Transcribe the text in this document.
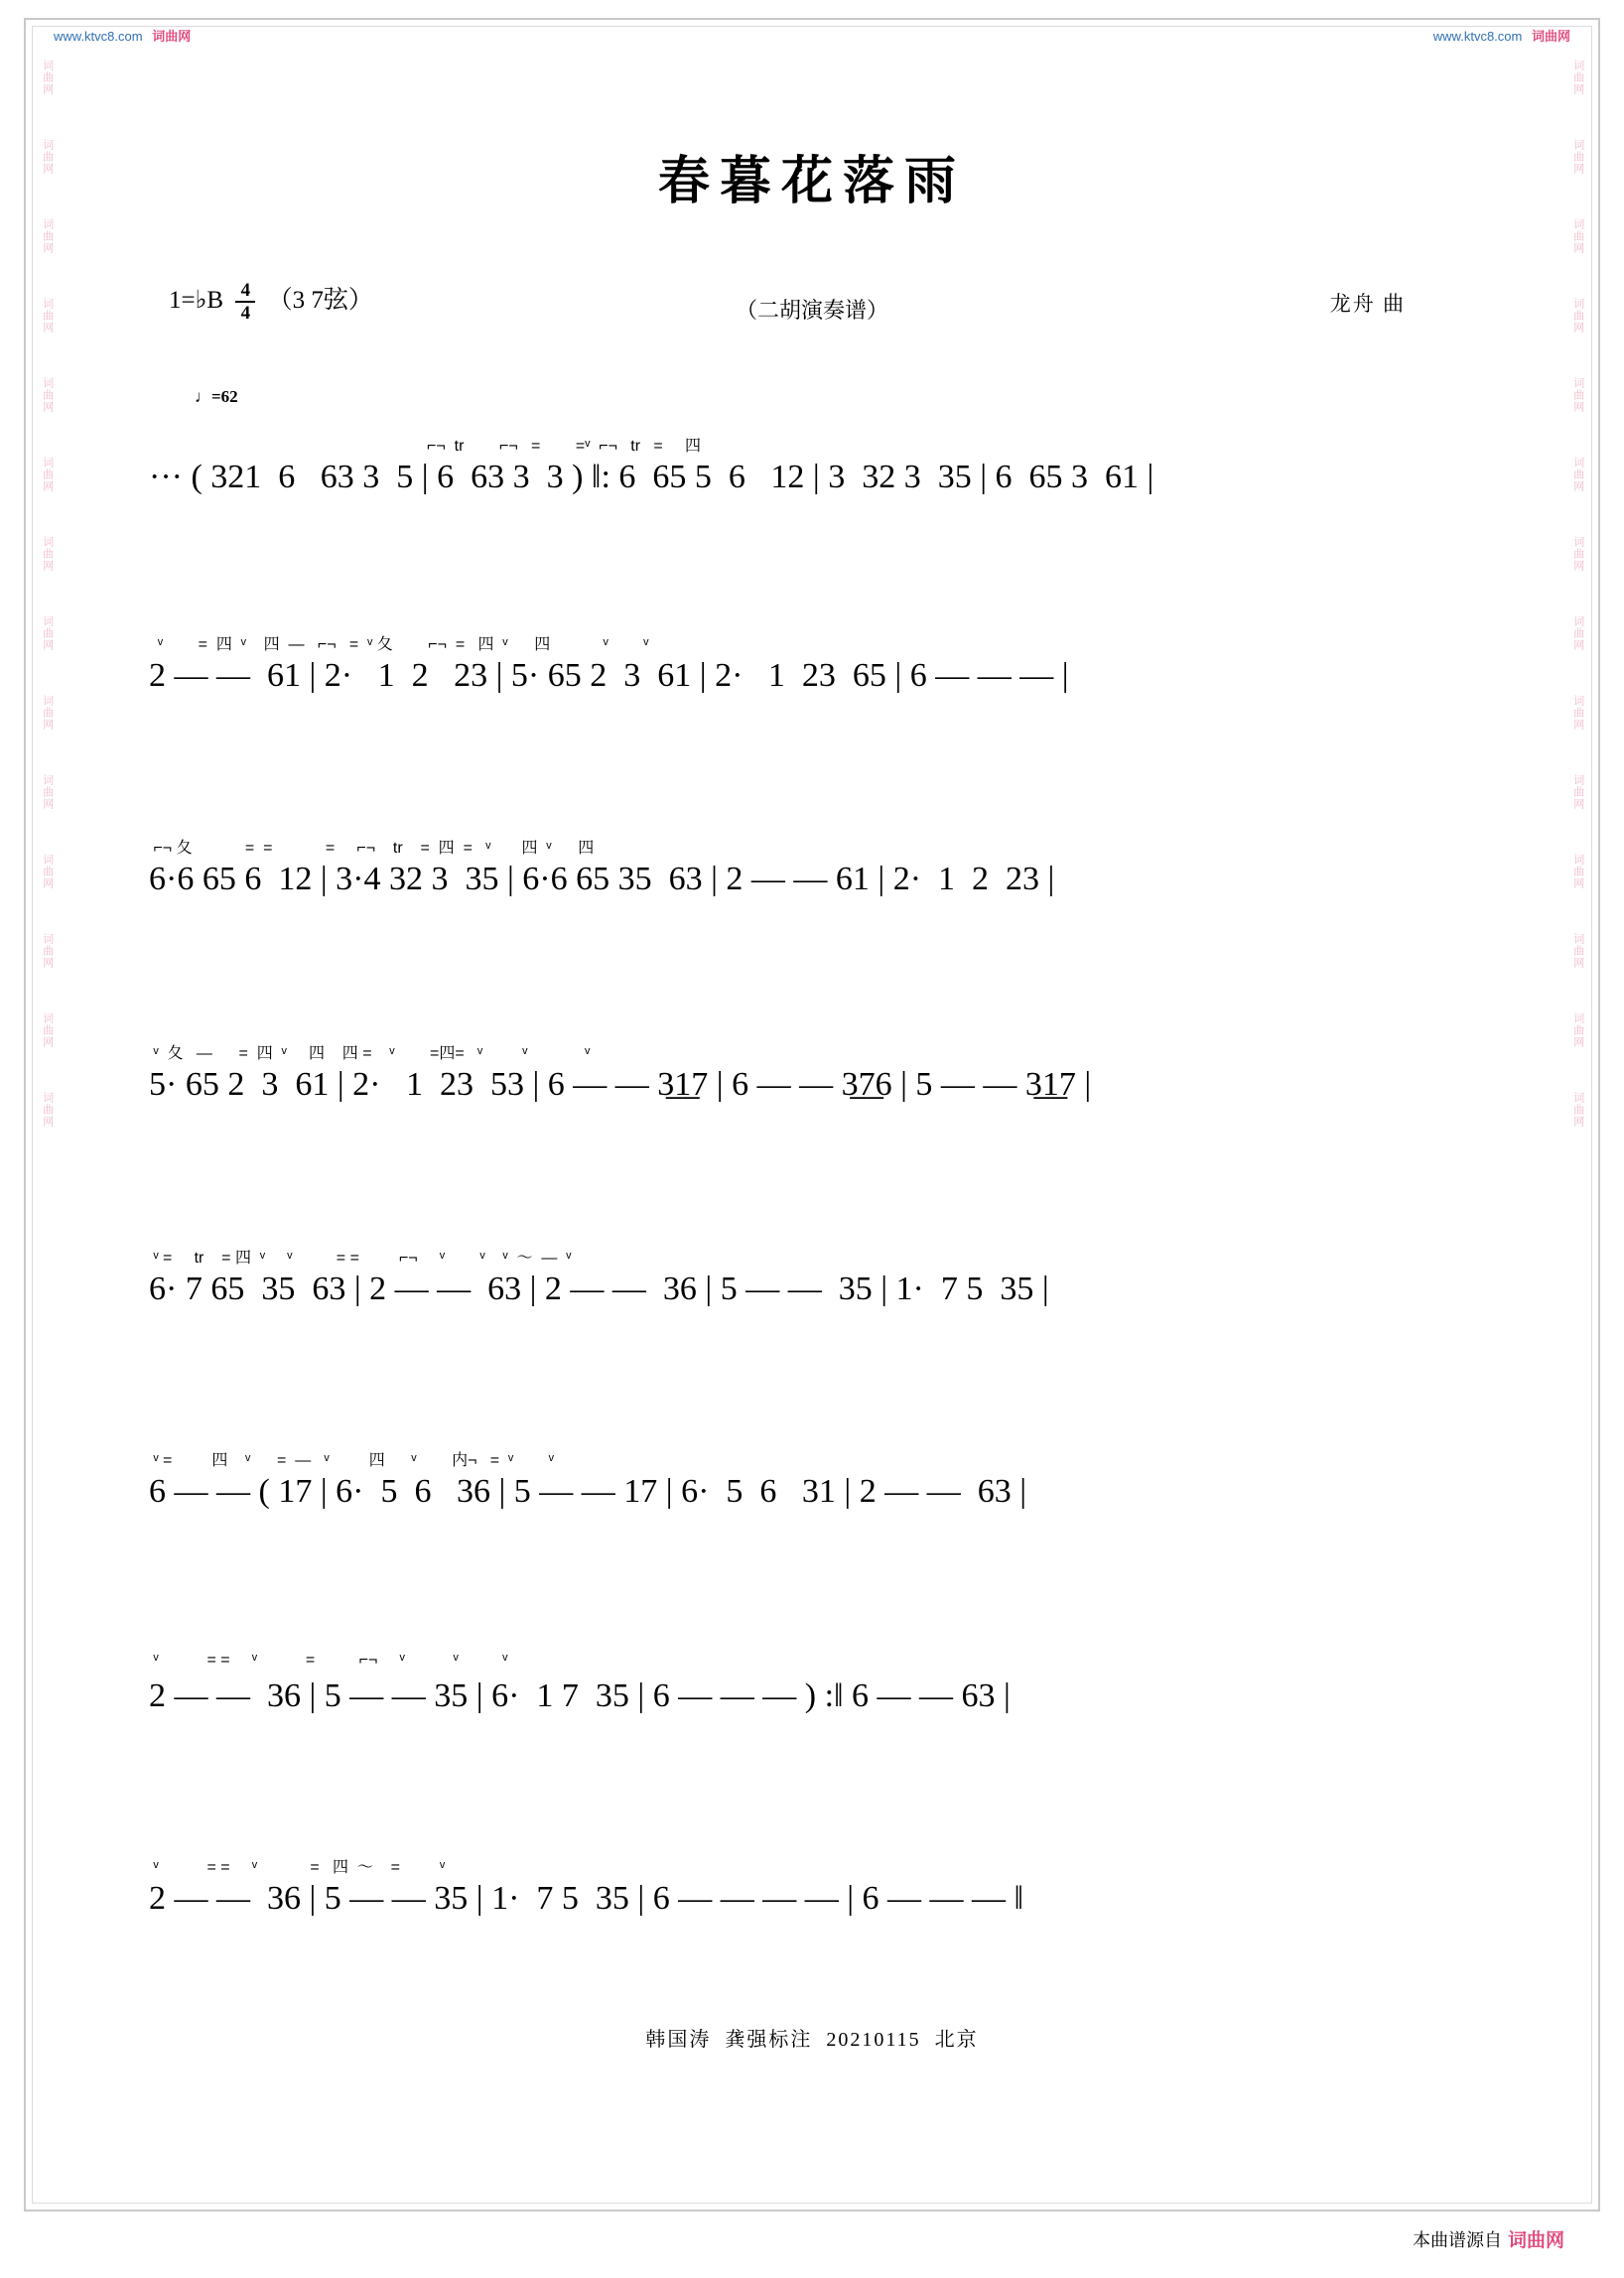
www.ktvc8.com 词曲网	www.ktvc8.com 词曲网
词曲网
词曲网
词曲网
词曲网
词曲网
词曲网
词曲网
词曲网
词曲网
词曲网
词曲网
词曲网
词曲网
词曲网
词曲网
词曲网
词曲网
词曲网
词曲网
词曲网
词曲网
词曲网
词曲网
词曲网
词曲网
词曲网
词曲网
词曲网
春暮花落雨
1=♭B $\frac{4}{4} (3$ 7弦）	（二胡演奏谱）	龙舟 曲
♩=62
⌐¬  tr        ⌐¬   =        =ᵛ  ⌐¬   tr   =     四
··· ( 321  6   63 3  5 | 6  63 3  3 ) ‖: 6  65 5  6   12 | 3  32 3  35 | 6  65 3  61 |
ᵛ        =  四  ᵛ    四  —   ⌐¬   =  ᵛ 夂        ⌐¬  =   四  ᵛ      四            ᵛ        ᵛ
2 — —  61 | 2·   1  2   23 | 5· 65 2  3  61 | 2·   1  23  65 | 6 — — — |
⌐¬ 夂            =  =            =     ⌐¬    tr    =  四  =   ᵛ       四  ᵛ      四
6·6 65 6  12 | 3·4 32 3  35 | 6·6 65 35  63 | 2 — — 61 | 2·  1  2  23 |
ᵛ  夂   —      =  四  ᵛ     四    四 =    ᵛ        =四=   ᵛ         ᵛ             ᵛ
5· 65 2  3  61 | 2·   1  23  53 | 6 — — 3̲1̲7 | 6 — — 3̲7̲6 | 5 — — 3̲1̲7 |
ᵛ =     tr    = 四  ᵛ     ᵛ          = =         ⌐¬     ᵛ        ᵛ    ᵛ  〜  —  ᵛ
6· 7 65  35  63 | 2 — —  63 | 2 — —  36 | 5 — —  35 | 1·  7 5  35 |
ᵛ =         四    ᵛ      =  —   ᵛ         四      ᵛ        内¬   =  ᵛ        ᵛ
6 — — ( 17 | 6·  5  6   36 | 5 — — 17 | 6·  5  6   31 | 2 — —  63 |
ᵛ           = =     ᵛ           =          ⌐¬     ᵛ           ᵛ          ᵛ
2 — —  36 | 5 — — 35 | 6·  1 7  35 | 6 — — — ) :‖ 6 — — 63 |
ᵛ           = =     ᵛ            =   四  〜    =         ᵛ
2 — —  36 | 5 — — 35 | 1·  7 5  35 | 6 — — — — | 6 — — — ‖
韩国涛 龚强标注 20210115 北京
本曲谱源自 词曲网
